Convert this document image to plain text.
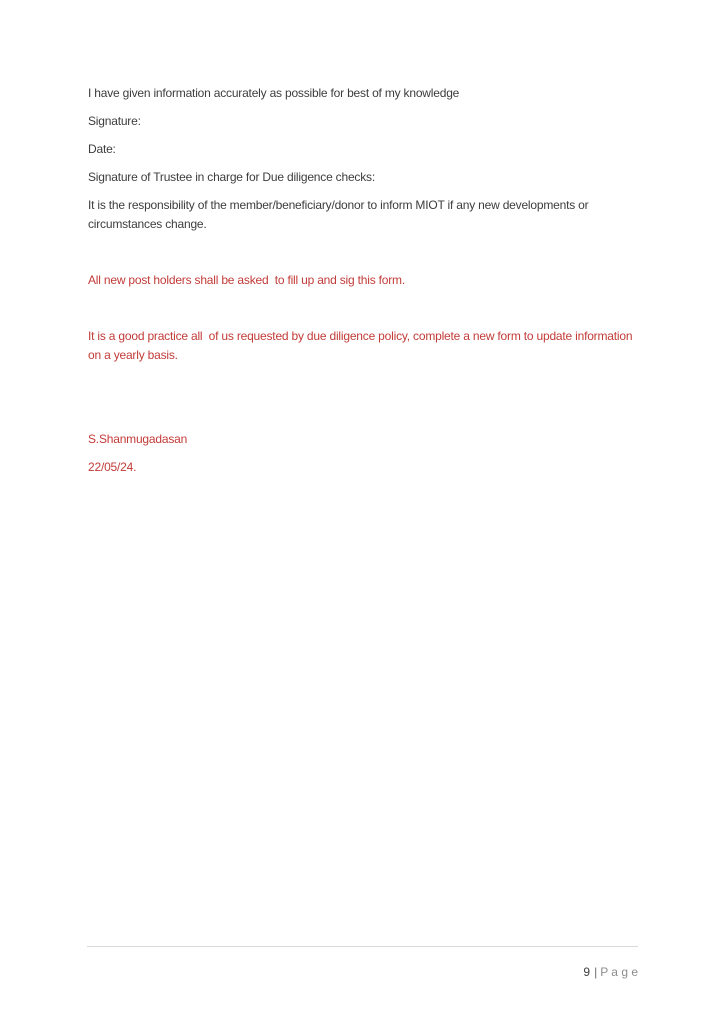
I have given information accurately as possible for best of my knowledge

Signature:

Date:

Signature of Trustee in charge for Due diligence checks:

It is the responsibility of the member/beneficiary/donor to inform MIOT if any new developments or circumstances change.

All new post holders shall be asked  to fill up and sig this form.

It is a good practice all  of us requested by due diligence policy, complete a new form to update information on a yearly basis.

S.Shanmugadasan

22/05/24.

9 | P a g e
